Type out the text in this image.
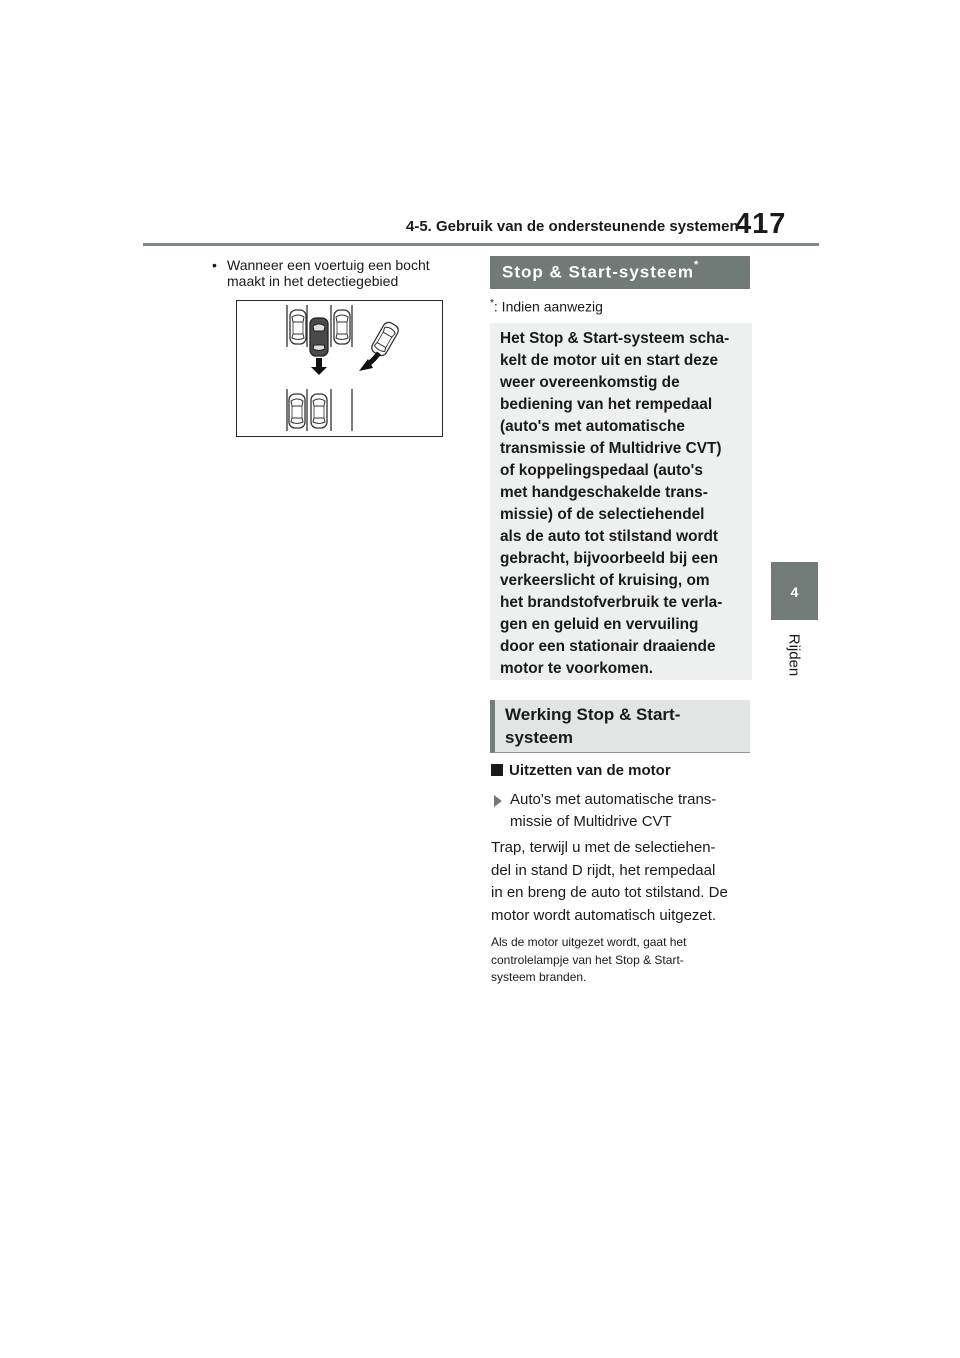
4-5. Gebruik van de ondersteunende systemen
417
4
Rijden
• Wanneer een voertuig een bocht maakt in het detectiegebied	Stop & Start-systeem*
*: Indien aanwezig
Het Stop & Start-systeem scha-
kelt de motor uit en start deze
weer overeenkomstig de
bediening van het rempedaal
(auto's met automatische
transmissie of Multidrive CVT)
of koppelingspedaal (auto's
met handgeschakelde trans-
missie) of de selectiehendel
als de auto tot stilstand wordt
gebracht, bijvoorbeeld bij een
verkeerslicht of kruising, om
het brandstofverbruik te verla-
gen en geluid en vervuiling
door een stationair draaiende
motor te voorkomen.
Werking Stop & Start-
systeem
Uitzetten van de motor
Auto's met automatische trans-
missie of Multidrive CVT
Trap, terwijl u met de selectiehen-
del in stand D rijdt, het rempedaal
in en breng de auto tot stilstand. De
motor wordt automatisch uitgezet.
Als de motor uitgezet wordt, gaat het
controlelampje van het Stop & Start-
systeem branden.
